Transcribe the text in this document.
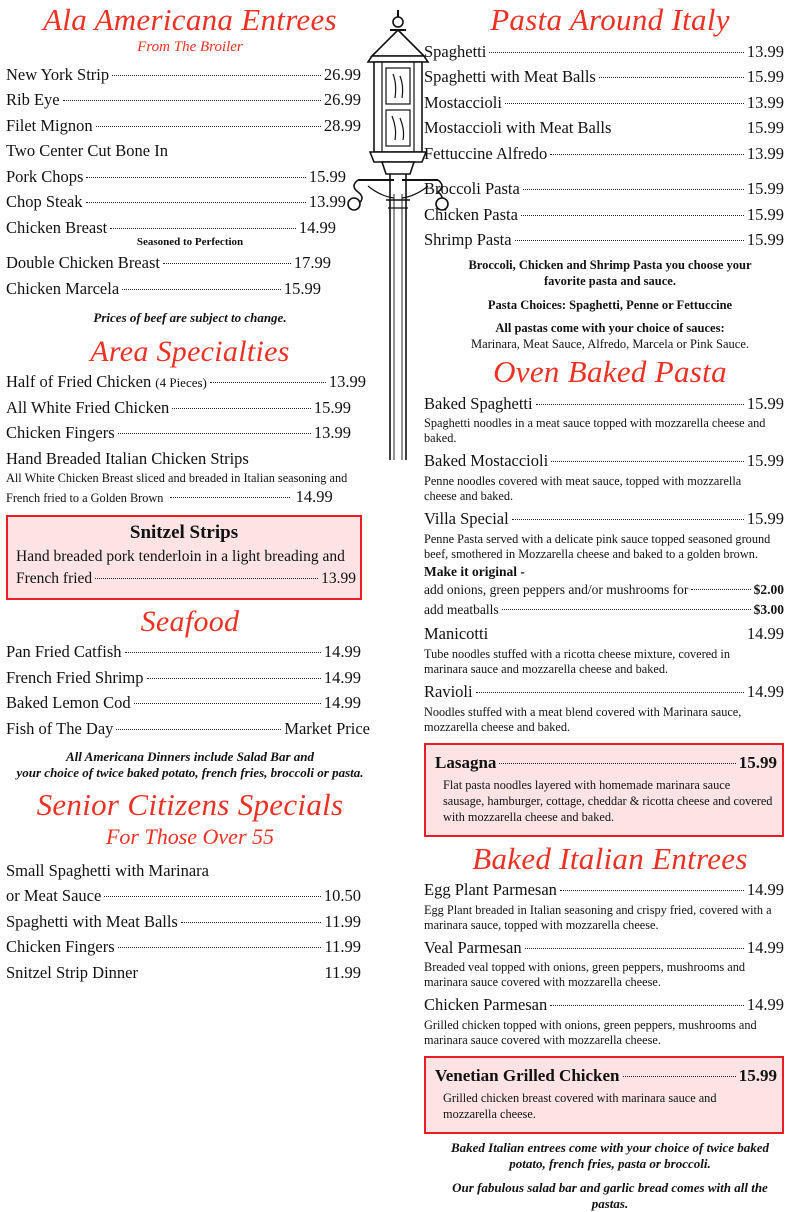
Ala Americana Entrees
From The Broiler
New York Strip	26.99
Rib Eye	26.99
Filet Mignon	28.99
Two Center Cut Bone In
Pork Chops	15.99
Chop Steak	13.99
Chicken Breast	14.99
Seasoned to Perfection
Double Chicken Breast	17.99
Chicken Marcela	15.99
Prices of beef are subject to change.
Area Specialties
Half of Fried Chicken (4 Pieces)	13.99
All White Fried Chicken	15.99
Chicken Fingers	13.99
Hand Breaded Italian Chicken Strips
All White Chicken Breast sliced and breaded in Italian seasoning and French fried to a Golden Brown	14.99
Snitzel Strips
Hand breaded pork tenderloin in a light breading and
French fried	13.99
Seafood
Pan Fried Catfish	14.99
French Fried Shrimp	14.99
Baked Lemon Cod	14.99
Fish of The Day	Market Price
All Americana Dinners include Salad Bar and
your choice of twice baked potato, french fries, broccoli or pasta.
Senior Citizens Specials
For Those Over 55
Small Spaghetti with Marinara
or Meat Sauce	10.50
Spaghetti with Meat Balls	11.99
Chicken Fingers	11.99
Snitzel Strip Dinner	11.99
Pasta Around Italy
Spaghetti	13.99
Spaghetti with Meat Balls	15.99
Mostaccioli	13.99
Mostaccioli with Meat Balls	15.99
Fettuccine Alfredo	13.99
Broccoli Pasta	15.99
Chicken Pasta	15.99
Shrimp Pasta	15.99
Broccoli, Chicken and Shrimp Pasta you choose your
favorite pasta and sauce.
Pasta Choices: Spaghetti, Penne or Fettuccine
All pastas come with your choice of sauces:
Marinara, Meat Sauce, Alfredo, Marcela or Pink Sauce.
Oven Baked Pasta
Baked Spaghetti	15.99
Spaghetti noodles in a meat sauce topped with mozzarella cheese and baked.
Baked Mostaccioli	15.99
Penne noodles covered with meat sauce, topped with mozzarella cheese and baked.
Villa Special	15.99
Penne Pasta served with a delicate pink sauce topped seasoned ground beef, smothered in Mozzarella cheese and baked to a golden brown.
Make it original -
add onions, green peppers and/or mushrooms for	$2.00
add meatballs	$3.00
Manicotti	14.99
Tube noodles stuffed with a ricotta cheese mixture, covered in marinara sauce and mozzarella cheese and baked.
Ravioli	14.99
Noodles stuffed with a meat blend covered with Marinara sauce, mozzarella cheese and baked.
Lasagna	15.99
Flat pasta noodles layered with homemade marinara sauce sausage, hamburger, cottage, cheddar & ricotta cheese and covered with mozzarella cheese and baked.
Baked Italian Entrees
Egg Plant Parmesan	14.99
Egg Plant breaded in Italian seasoning and crispy fried, covered with a marinara sauce, topped with mozzarella cheese.
Veal Parmesan	14.99
Breaded veal topped with onions, green peppers, mushrooms and marinara sauce covered with mozzarella cheese.
Chicken Parmesan	14.99
Grilled chicken topped with onions, green peppers, mushrooms and marinara sauce covered with mozzarella cheese.
Venetian Grilled Chicken	15.99
Grilled chicken breast covered with marinara sauce and mozzarella cheese.
Baked Italian entrees come with your choice of twice baked
potato, french fries, pasta or broccoli.
Our fabulous salad bar and garlic bread comes with all the
pastas.
